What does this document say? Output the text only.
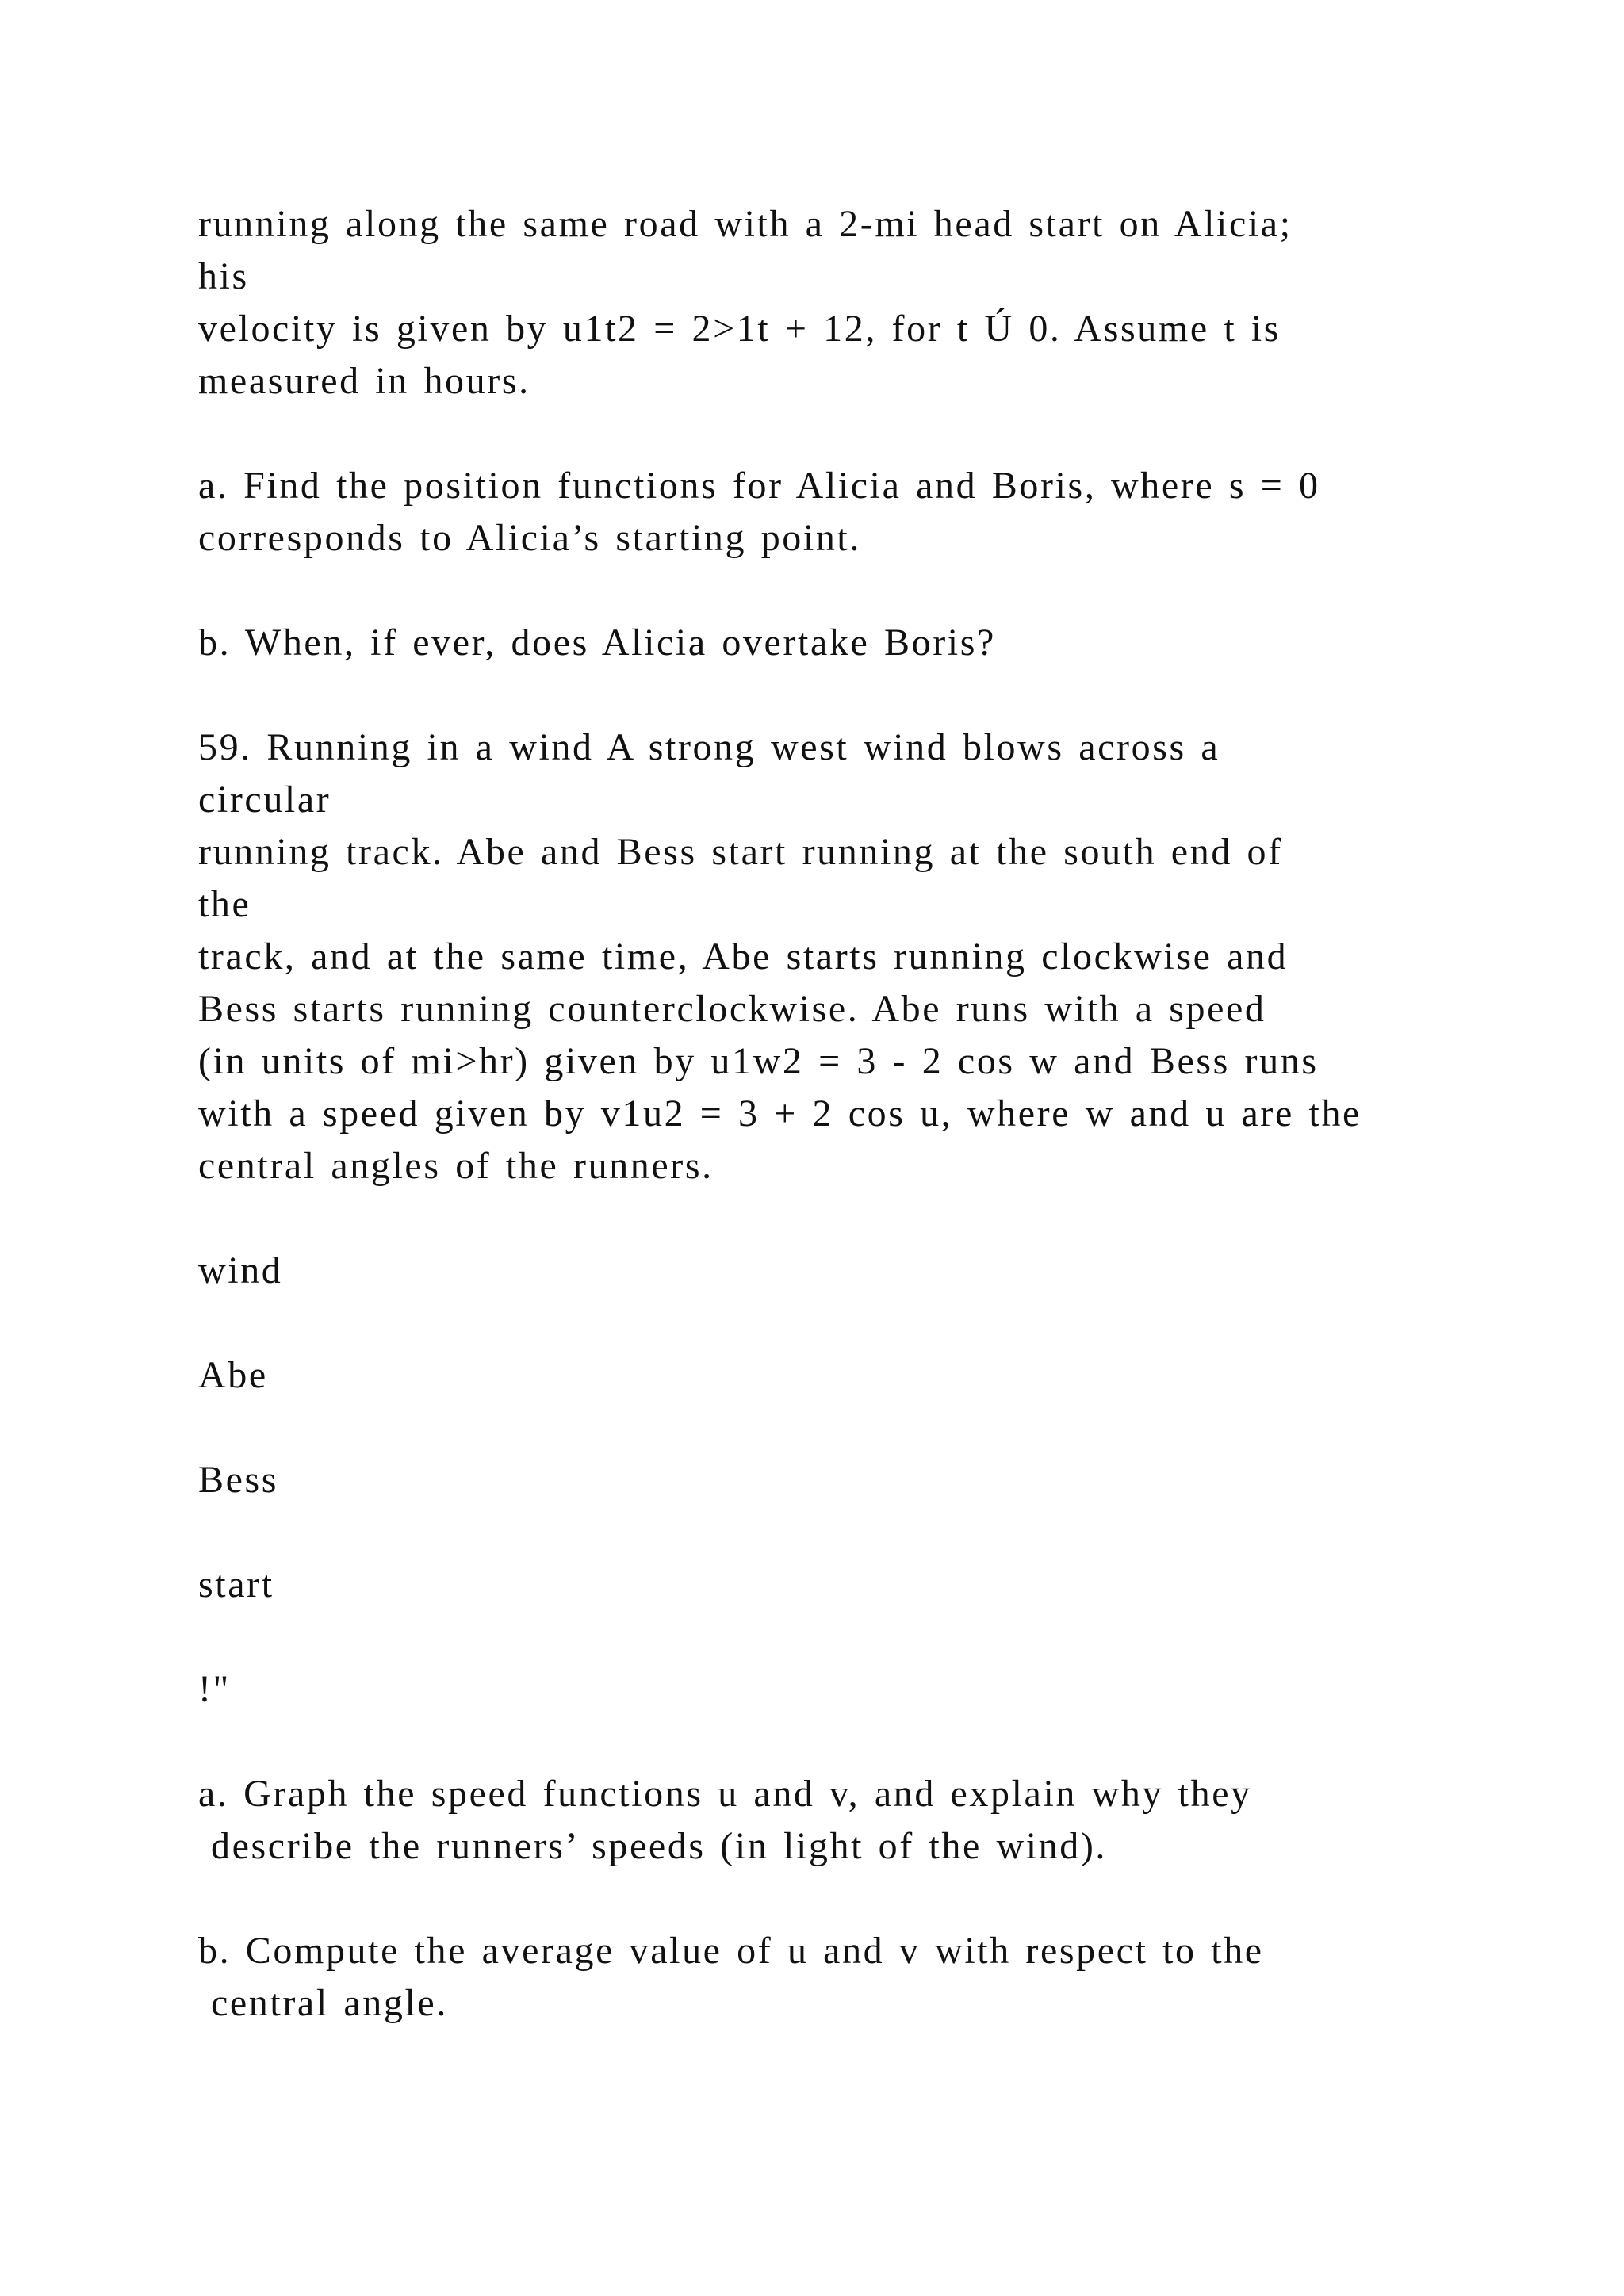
running along the same road with a 2-mi head start on Alicia;

his

velocity is given by u1t2 = 2>1t + 12, for t Ú 0. Assume t is

measured in hours.

a. Find the position functions for Alicia and Boris, where s = 0

corresponds to Alicia’s starting point.

b. When, if ever, does Alicia overtake Boris?

59. Running in a wind A strong west wind blows across a

circular

running track. Abe and Bess start running at the south end of

the

track, and at the same time, Abe starts running clockwise and

Bess starts running counterclockwise. Abe runs with a speed

(in units of mi>hr) given by u1w2 = 3 - 2 cos w and Bess runs

with a speed given by v1u2 = 3 + 2 cos u, where w and u are the

central angles of the runners.

wind

Abe

Bess

start

!"

a. Graph the speed functions u and v, and explain why they

describe the runners’ speeds (in light of the wind).

b. Compute the average value of u and v with respect to the

central angle.
